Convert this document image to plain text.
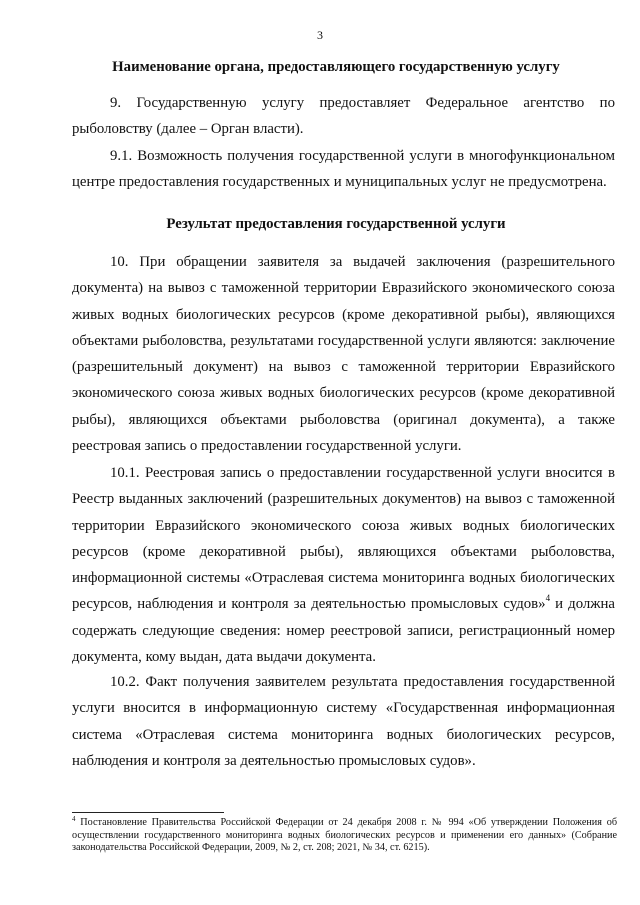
3
Наименование органа, предоставляющего государственную услугу

9. Государственную услугу предоставляет Федеральное агентство по рыболовству (далее – Орган власти).

9.1. Возможность получения государственной услуги в многофункциональном центре предоставления государственных и муниципальных услуг не предусмотрена.

Результат предоставления государственной услуги

10. При обращении заявителя за выдачей заключения (разрешительного документа) на вывоз с таможенной территории Евразийского экономического союза живых водных биологических ресурсов (кроме декоративной рыбы), являющихся объектами рыболовства, результатами государственной услуги являются: заключение (разрешительный документ) на вывоз с таможенной территории Евразийского экономического союза живых водных биологических ресурсов (кроме декоративной рыбы), являющихся объектами рыболовства (оригинал документа), а также реестровая запись о предоставлении государственной услуги.

10.1. Реестровая запись о предоставлении государственной услуги вносится в Реестр выданных заключений (разрешительных документов) на вывоз с таможенной территории Евразийского экономического союза живых водных биологических ресурсов (кроме декоративной рыбы), являющихся объектами рыболовства, информационной системы «Отраслевая система мониторинга водных биологических ресурсов, наблюдения и контроля за деятельностью промысловых судов»$^4$ и должна содержать следующие сведения: номер реестровой записи, регистрационный номер документа, кому выдан, дата выдачи документа.

10.2. Факт получения заявителем результата предоставления государственной услуги вносится в информационную систему «Государственная информационная система «Отраслевая система мониторинга водных биологических ресурсов, наблюдения и контроля за деятельностью промысловых судов».

$^4$ Постановление Правительства Российской Федерации от 24 декабря 2008 г. № 994 «Об утверждении Положения об осуществлении государственного мониторинга водных биологических ресурсов и применении его данных» (Собрание законодательства Российской Федерации, 2009, № 2, ст. 208; 2021, № 34, ст. 6215).
